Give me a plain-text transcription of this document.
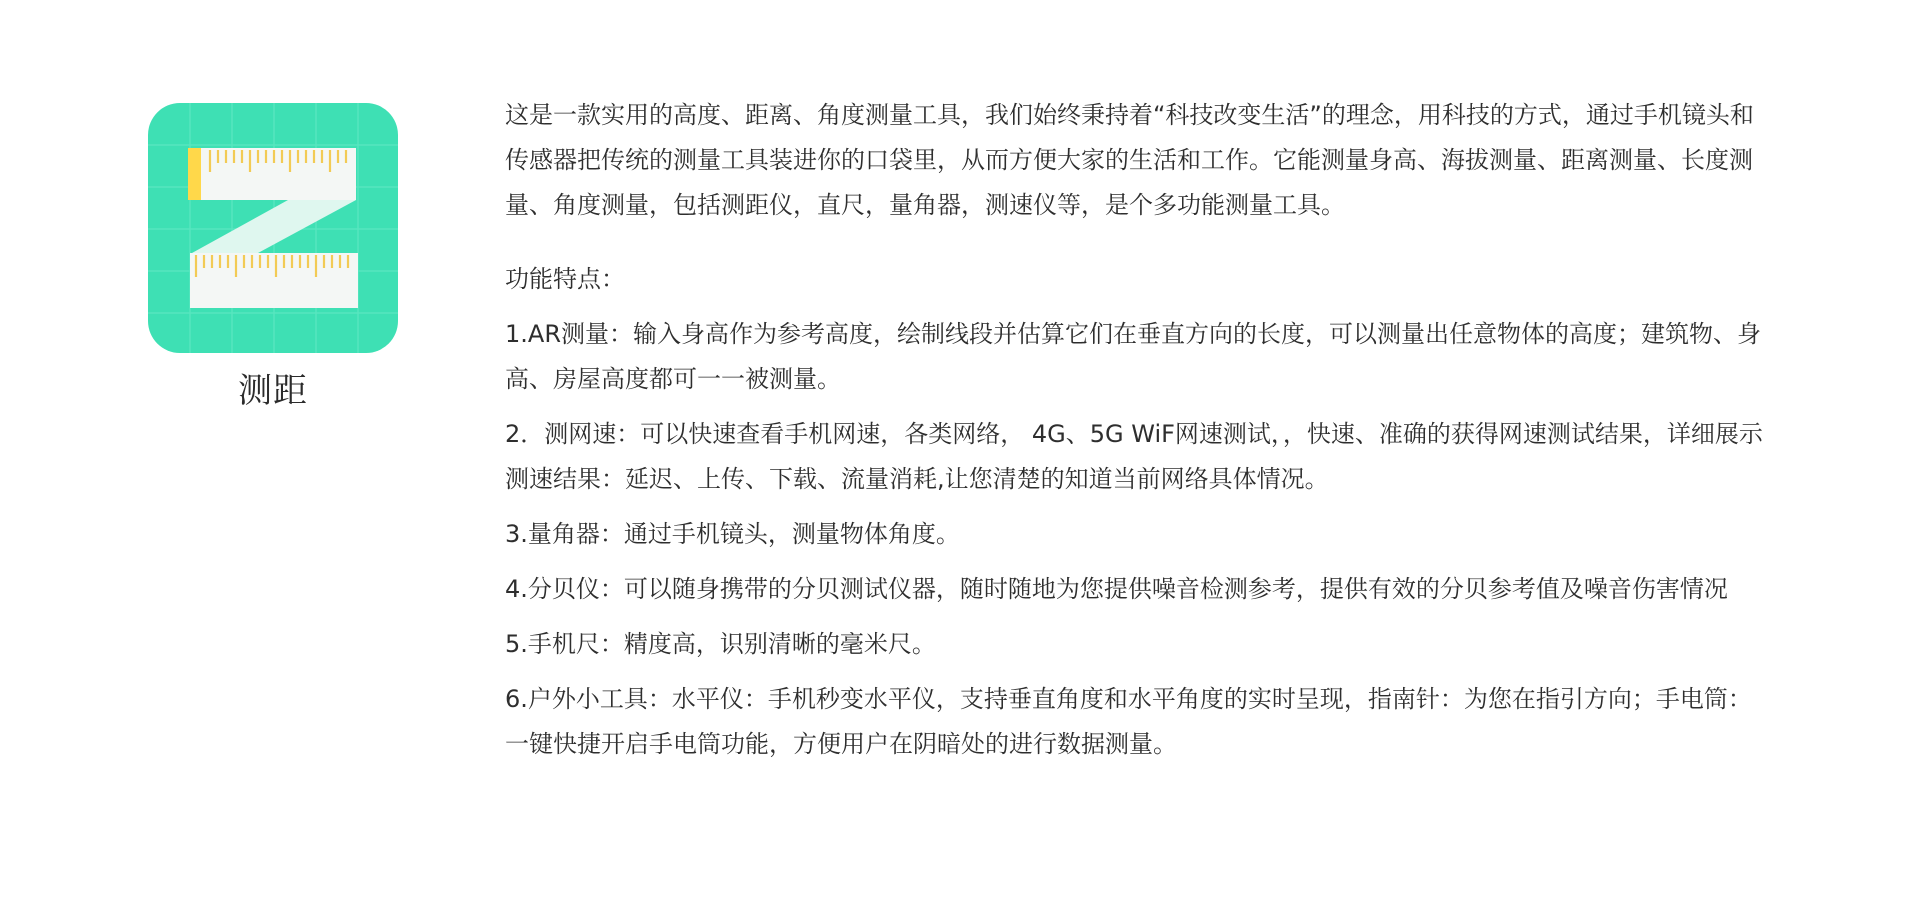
测距

这是一款实用的高度、距离、角度测量工具，我们始终秉持着“科技改变生活”的理念，用科技的方式，通过手机镜头和传感器把传统的测量工具装进你的口袋里，从而方便大家的生活和工作。它能测量身高、海拔测量、距离测量、长度测量、角度测量，包括测距仪，直尺，量角器，测速仪等，是个多功能测量工具。

功能特点：

1.AR测量：输入身高作为参考高度，绘制线段并估算它们在垂直方向的长度，可以测量出任意物体的高度；建筑物、身高、房屋高度都可一一被测量。

2．测网速：可以快速查看手机网速，各类网络， 4G、5G WiF网速测试，，快速、准确的获得网速测试结果，详细展示测速结果：延迟、上传、下载、流量消耗,让您清楚的知道当前网络具体情况。

3.量角器：通过手机镜头，测量物体角度。

4.分贝仪：可以随身携带的分贝测试仪器，随时随地为您提供噪音检测参考，提供有效的分贝参考值及噪音伤害情况

5.手机尺：精度高，识别清晰的毫米尺。

6.户外小工具：水平仪：手机秒变水平仪，支持垂直角度和水平角度的实时呈现，指南针：为您在指引方向；手电筒：一键快捷开启手电筒功能，方便用户在阴暗处的进行数据测量。
